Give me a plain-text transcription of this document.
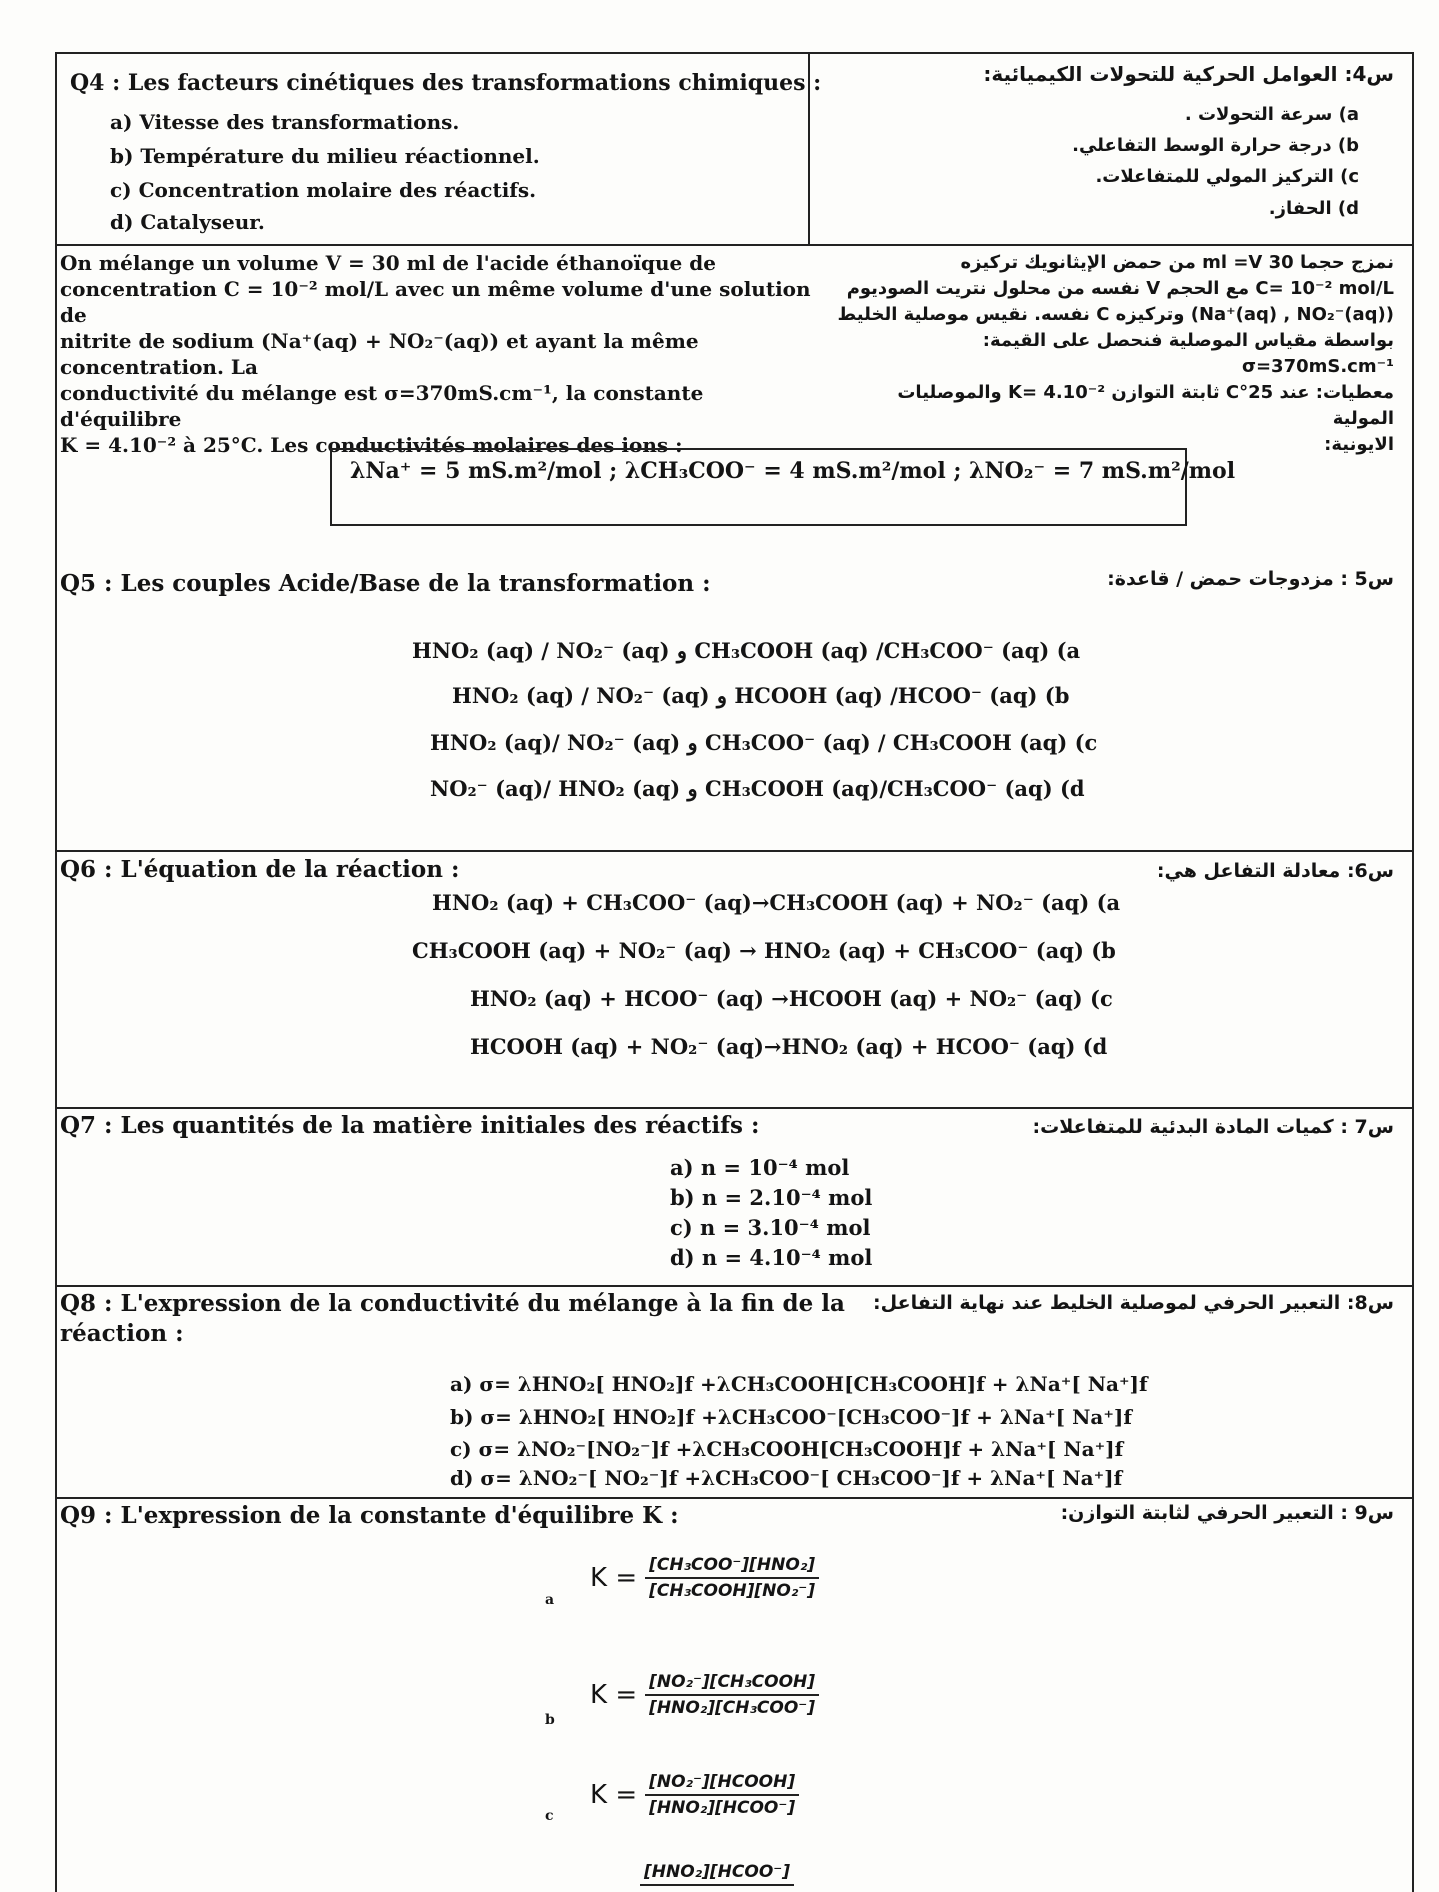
Q4 : Les facteurs cinétiques des transformations chimiques :	س4: العوامل الحركية للتحولات الكيميائية:
a) Vitesse des transformations.
b) Température du milieu réactionnel.
c) Concentration molaire des réactifs.
d) Catalyseur.
a) سرعة التحولات .
b) درجة حرارة الوسط التفاعلي.
c) التركيز المولي للمتفاعلات.
d) الحفاز.
On mélange un volume V = 30 ml de l'acide éthanoïque de
concentration C = 10⁻² mol/L avec un même volume d'une solution de
nitrite de sodium (Na⁺(aq) + NO₂⁻(aq)) et ayant la même concentration. La
conductivité du mélange est σ=370mS.cm⁻¹, la constante d'équilibre
K = 4.10⁻² à 25°C. Les conductivités molaires des ions :
نمزج حجما 30 ml =V من حمض الإيثانويك تركيزه
C= 10⁻² mol/L مع الحجم V نفسه من محلول نتريت الصوديوم
(Na⁺(aq) , NO₂⁻(aq)) وتركيزه C نفسه. نقيس موصلية الخليط
بواسطة مقياس الموصلية فنحصل على القيمة: σ=370mS.cm⁻¹
معطيات: عند 25°C ثابتة التوازن K= 4.10⁻² والموصليات المولية
الايونية:
λNa⁺ = 5 mS.m²/mol ; λCH₃COO⁻ = 4 mS.m²/mol ; λNO₂⁻ = 7 mS.m²/mol
Q5 : Les couples Acide/Base de la transformation :	س5 : مزدوجات حمض / قاعدة:
HNO₂ (aq) / NO₂⁻ (aq) و CH₃COOH (aq) /CH₃COO⁻ (aq) (a
HNO₂ (aq) / NO₂⁻ (aq) و HCOOH (aq) /HCOO⁻ (aq) (b
HNO₂ (aq)/ NO₂⁻ (aq) و CH₃COO⁻ (aq) / CH₃COOH (aq) (c
NO₂⁻ (aq)/ HNO₂ (aq) و CH₃COOH (aq)/CH₃COO⁻ (aq) (d
Q6 : L'équation de la réaction :	س6: معادلة التفاعل هي:
HNO₂ (aq) + CH₃COO⁻ (aq)→CH₃COOH (aq) + NO₂⁻ (aq) (a
CH₃COOH (aq) + NO₂⁻ (aq) → HNO₂ (aq) + CH₃COO⁻ (aq) (b
HNO₂ (aq) + HCOO⁻ (aq) →HCOOH (aq) + NO₂⁻ (aq) (c
HCOOH (aq) + NO₂⁻ (aq)→HNO₂ (aq) + HCOO⁻ (aq) (d
Q7 : Les quantités de la matière initiales des réactifs :	س7 : كميات المادة البدئية للمتفاعلات:
a) n = 10⁻⁴ mol
b) n = 2.10⁻⁴ mol
c) n = 3.10⁻⁴ mol
d) n = 4.10⁻⁴ mol
Q8 : L'expression de la conductivité du mélange à la fin de la
réaction :
س8: التعبير الحرفي لموصلية الخليط عند نهاية التفاعل:
a) σ= λHNO₂[ HNO₂]f +λCH₃COOH[CH₃COOH]f + λNa⁺[ Na⁺]f
b) σ= λHNO₂[ HNO₂]f +λCH₃COO⁻[CH₃COO⁻]f + λNa⁺[ Na⁺]f
c) σ= λNO₂⁻[NO₂⁻]f +λCH₃COOH[CH₃COOH]f + λNa⁺[ Na⁺]f
d) σ= λNO₂⁻[ NO₂⁻]f +λCH₃COO⁻[ CH₃COO⁻]f + λNa⁺[ Na⁺]f
Q9 : L'expression de la constante d'équilibre K :	س9 : التعبير الحرفي لثابتة التوازن:
a
$K = \frac{\text{[CH₃COO⁻][HNO₂]}}{\text{[CH₃COOH][NO₂⁻]}}$
b
$K = \frac{\text{[NO₂⁻][CH₃COOH]}}{\text{[HNO₂][CH₃COO⁻]}}$
c
$K = \frac{\text{[NO₂⁻][HCOOH]}}{\text{[HNO₂][HCOO⁻]}}$
[HNO₂][HCOO⁻]
